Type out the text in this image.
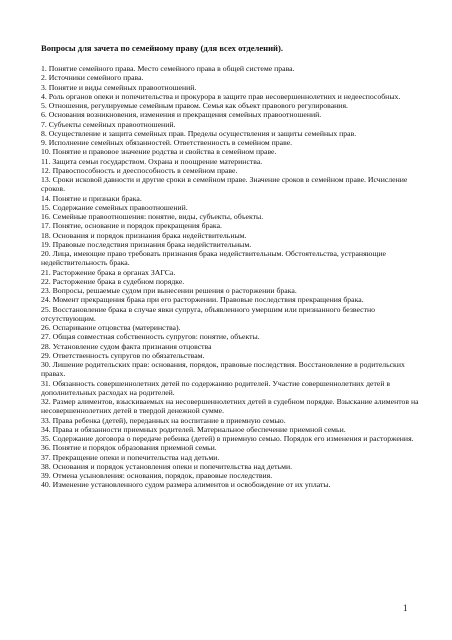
Вопросы для зачета по семейному праву (для всех отделений).
1. Понятие семейного права. Место семейного права в общей системе права.
2. Источники семейного права.
3. Понятие и виды семейных правоотношений.
4. Роль органов опеки и попечительства и прокурора в защите прав несовершеннолетних и недееспособных.
5. Отношения, регулируемые семейным правом. Семья как объект правового регулирования.
6. Основания возникновения, изменения и прекращения семейных правоотношений.
7. Субъекты семейных правоотношений.
8. Осуществление и защита семейных прав. Пределы осуществления и защиты семейных прав.
9. Исполнение семейных обязанностей. Ответственность в семейном праве.
10. Понятие и правовое значение родства и свойства в семейном праве.
11. Защита семьи государством. Охрана и поощрение материнства.
12. Правоспособность и дееспособность в семейном праве.
13. Сроки исковой давности и другие сроки в семейном праве. Значение сроков в семейном праве. Исчисление сроков.
14. Понятие и признаки брака.
15. Содержание семейных правоотношений.
16. Семейные правоотношения: понятие, виды, субъекты, объекты.
17. Понятие, основание и порядок прекращения брака.
18. Основания и порядок признания брака недействительным.
19. Правовые последствия признания брака недействительным.
20. Лица, имеющие право требовать признания брака недействительным. Обстоятельства, устраняющие недействительность брака.
21. Расторжение брака в органах ЗАГСа.
22. Расторжение брака в судебном порядке.
23. Вопросы, решаемые судом при вынесении решения о расторжении брака.
24. Момент прекращения брака при его расторжении. Правовые последствия прекращения брака.
25. Восстановление брака в случае явки супруга, объявленного умершим или признанного безвестно отсутствующим.
26. Оспаривание отцовства (материнства).
27. Общая совместная собственность супругов: понятие, объекты.
28. Установление судом факта признания отцовства
29. Ответственность супругов по обязательствам.
30. Лишение родительских прав: основания, порядок, правовые последствия. Восстановление в родительских правах.
31. Обязанность совершеннолетних детей по содержанию родителей. Участие совершеннолетних детей в дополнительных расходах на родителей.
32. Размер алиментов, взыскиваемых на несовершеннолетних детей в судебном порядке. Взыскание алиментов на несовершеннолетних детей в твердой денежной сумме.
33. Права ребенка (детей), переданных на воспитание в приемную семью.
34. Права и обязанности приемных родителей. Материальное обеспечение приемной семьи.
35. Содержание договора о передаче ребенка (детей) в приемную семью. Порядок его изменения и расторжения.
36. Понятие и порядок образования приемной семьи.
37. Прекращение опеки и попечительства над детьми.
38. Основания и порядок установления опеки и попечительства над детьми.
39. Отмена усыновления: основания, порядок, правовые последствия.
40. Изменение установленного судом размера алиментов и освобождение от их уплаты.
1
